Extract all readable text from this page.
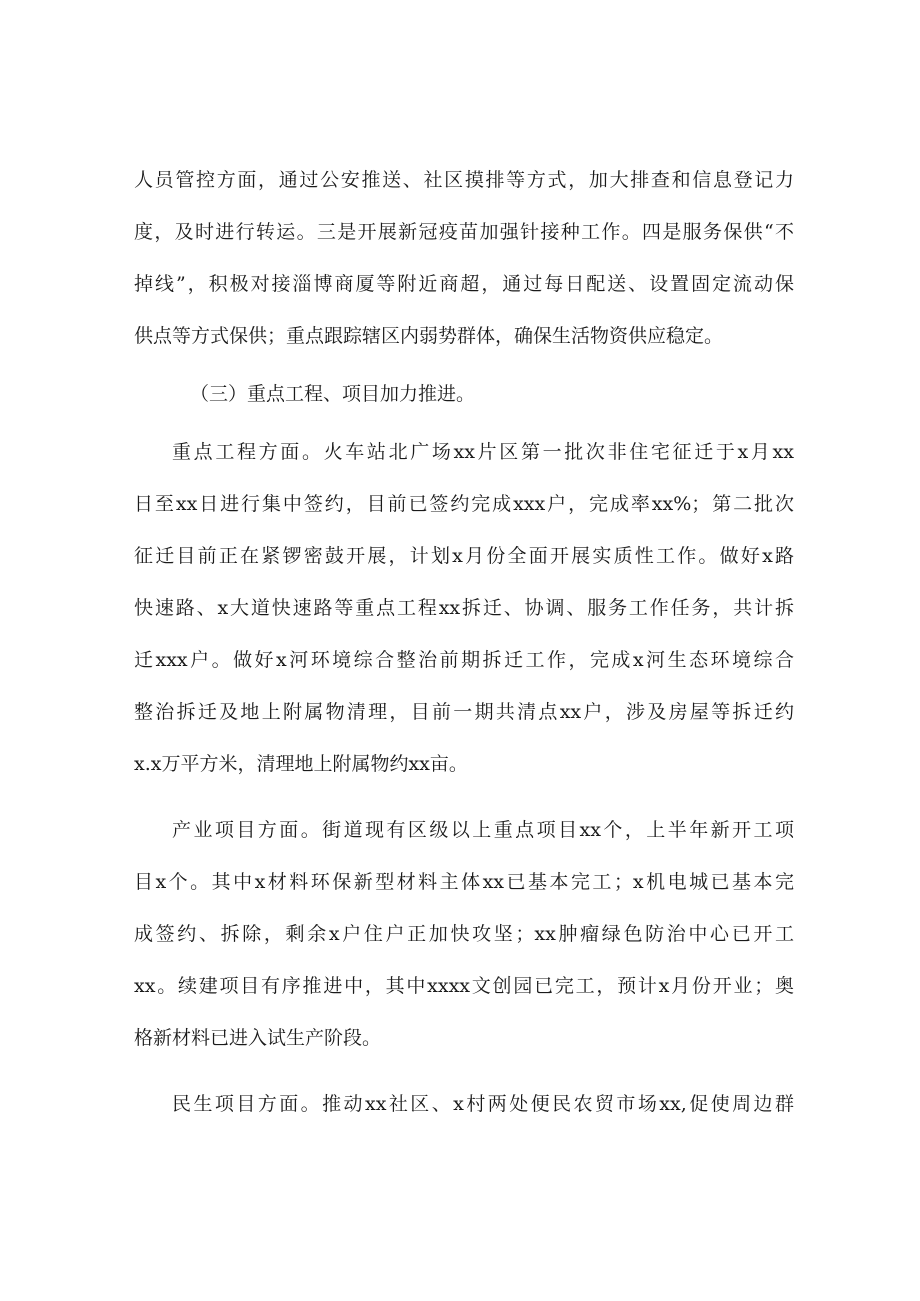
人员管控方面，通过公安推送、社区摸排等方式，加大排查和信息登记力
度，及时进行转运。三是开展新冠疫苗加强针接种工作。四是服务保供“不
掉线”，积极对接淄博商厦等附近商超，通过每日配送、设置固定流动保
供点等方式保供；重点跟踪辖区内弱势群体，确保生活物资供应稳定。
（三）重点工程、项目加力推进。
重点工程方面。火车站北广场xx片区第一批次非住宅征迁于x月xx
日至xx日进行集中签约，目前已签约完成xxx户，完成率xx%；第二批次
征迁目前正在紧锣密鼓开展，计划x月份全面开展实质性工作。做好x路
快速路、x大道快速路等重点工程xx拆迁、协调、服务工作任务，共计拆
迁xxx户。做好x河环境综合整治前期拆迁工作，完成x河生态环境综合
整治拆迁及地上附属物清理，目前一期共清点xx户，涉及房屋等拆迁约
x.x万平方米，清理地上附属物约xx亩。
产业项目方面。街道现有区级以上重点项目xx个，上半年新开工项
目x个。其中x材料环保新型材料主体xx已基本完工；x机电城已基本完
成签约、拆除，剩余x户住户正加快攻坚；xx肿瘤绿色防治中心已开工
xx。续建项目有序推进中，其中xxxx文创园已完工，预计x月份开业；奥
格新材料已进入试生产阶段。
民生项目方面。推动xx社区、x村两处便民农贸市场xx,促使周边群
